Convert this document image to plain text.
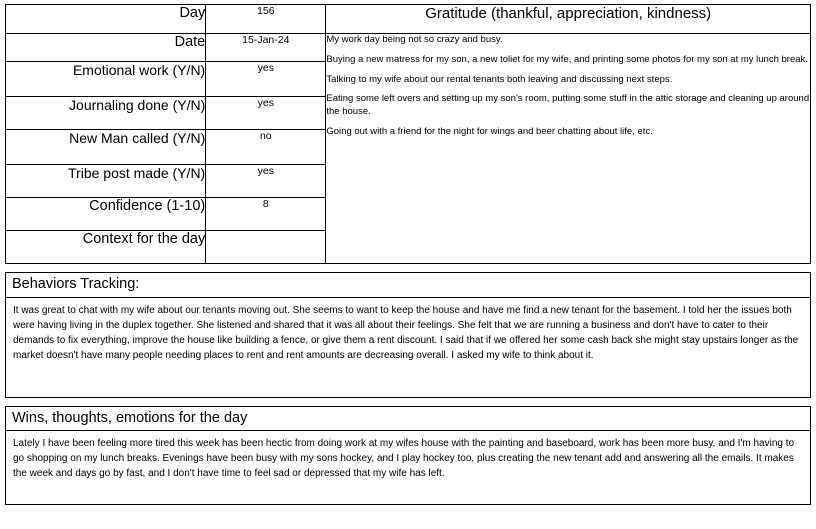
Day	156	Gratitude (thankful, appreciation, kindness)
Date	15-Jan-24	My work day being not so crazy and busy.

Buying a new matress for my son, a new toliet for my wife, and printing some photos for my son at my lunch break.

Talking to my wife about our rental tenants both leaving and discussing next steps.

Eating some left overs and setting up my son's room, putting some stuff in the attic storage and cleaning up around the house.

Going out with a friend for the night for wings and beer chatting about life, etc.

Emotional work (Y/N)	yes	
Journaling done (Y/N)	yes	
New Man called (Y/N)	no	
Tribe post made (Y/N)	yes	
Confidence (1-10)	8	
Context for the day		
Behaviors Tracking:
It was great to chat with my wife about our tenants moving out. She seems to want to keep the house and have me find a new tenant for the basement. I told her the issues both were having living in the duplex together. She listened and shared that it was all about their feelings. She felt that we are running a business and don't have to cater to their demands to fix everything, improve the house like building a fence, or give them a rent discount. I said that if we offered her some cash back she might stay upstairs longer as the market doesn't have many people needing places to rent and rent amounts are decreasing overall. I asked my wife to think about it.
Wins, thoughts, emotions for the day
Lately I have been feeling more tired this week has been hectic from doing work at my wifes house with the painting and baseboard, work has been more busy, and I'm having to go shopping on my lunch breaks. Evenings have been busy with my sons hockey, and I play hockey too, plus creating the new tenant add and answering all the emails. It makes the week and days go by fast, and I don't have time to feel sad or depressed that my wife has left.
